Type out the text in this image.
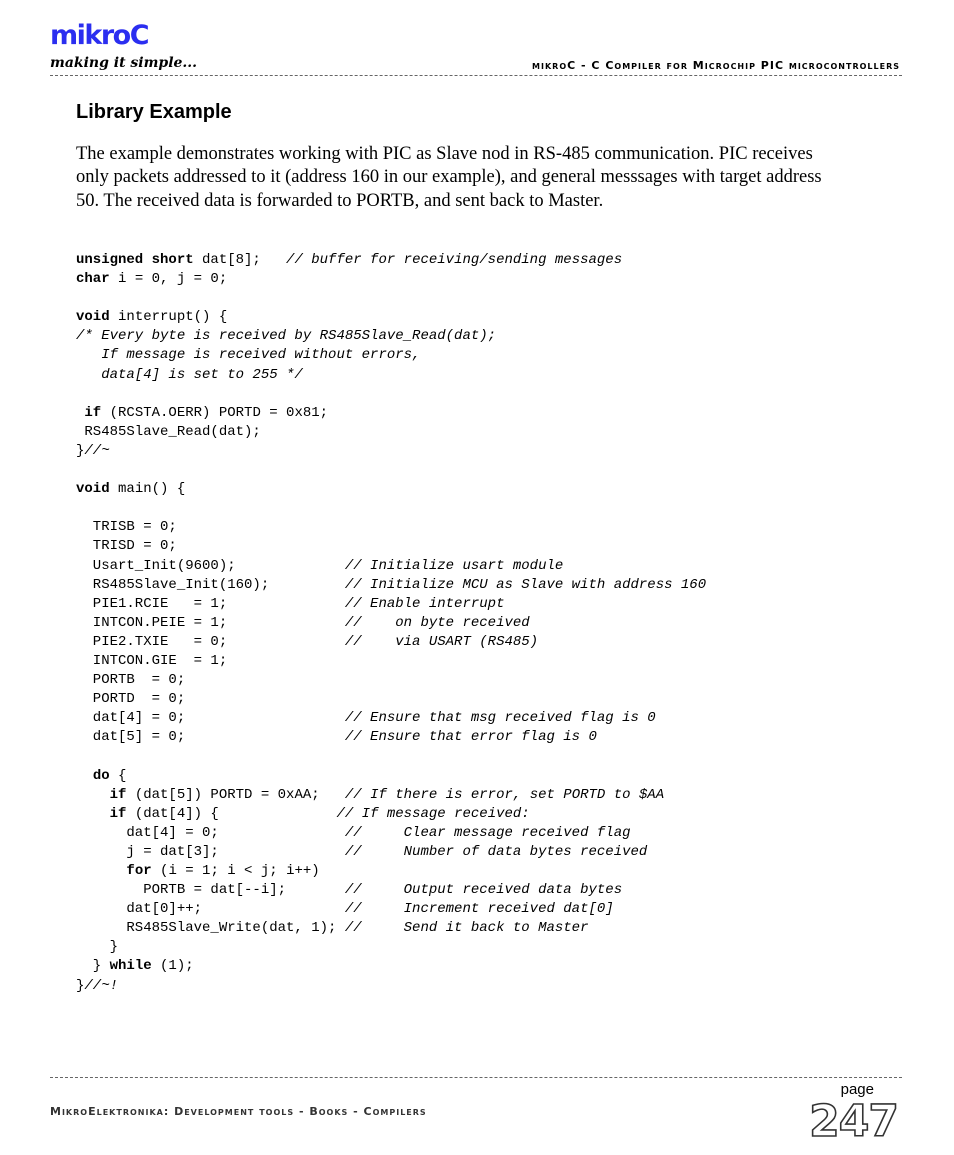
mikroC
making it simple...	mikroC - C Compiler for Microchip PIC microcontrollers
Library Example

The example demonstrates working with PIC as Slave nod in RS-485 communication. PIC receives only packets addressed to it (address 160 in our example), and general messsages with target address 50. The received data is forwarded to PORTB, and sent back to Master.

unsigned short dat[8];   // buffer for receiving/sending messages
char i = 0, j = 0;
void interrupt() {
/* Every byte is received by RS485Slave_Read(dat);
If message is received without errors,
data[4] is set to 255 */
if (RCSTA.OERR) PORTD = 0x81;
RS485Slave_Read(dat);
}//~
void main() {
TRISB = 0;
TRISD = 0;
Usart_Init(9600);             // Initialize usart module
RS485Slave_Init(160);         // Initialize MCU as Slave with address 160
PIE1.RCIE   = 1;              // Enable interrupt
INTCON.PEIE = 1;              //    on byte received
PIE2.TXIE   = 0;              //    via USART (RS485)
INTCON.GIE  = 1;
PORTB  = 0;
PORTD  = 0;
dat[4] = 0;                   // Ensure that msg received flag is 0
dat[5] = 0;                   // Ensure that error flag is 0
do {
if (dat[5]) PORTD = 0xAA;   // If there is error, set PORTD to $AA
if (dat[4]) {              // If message received:
dat[4] = 0;               //     Clear message received flag
j = dat[3];               //     Number of data bytes received
for (i = 1; i < j; i++)
PORTB = dat[--i];       //     Output received data bytes
dat[0]++;                 //     Increment received dat[0]
RS485Slave_Write(dat, 1); //     Send it back to Master
}
} while (1);
}//~!
MikroElektronika: Development tools - Books - Compilers
page
247
